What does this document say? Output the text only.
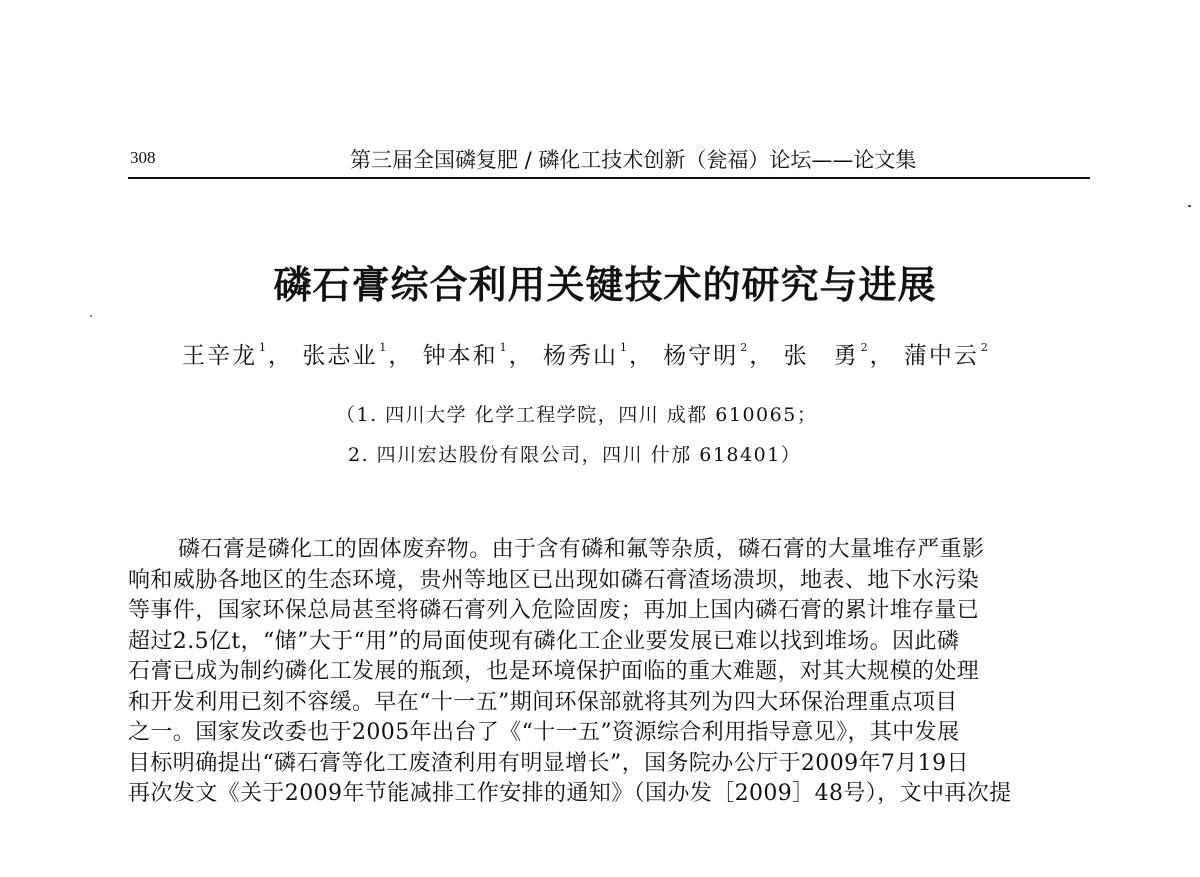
308	第三届全国磷复肥 / 磷化工技术创新（瓮福）论坛——论文集
磷石膏综合利用关键技术的研究与进展
王辛龙 $^1$， 张志业 $^1$， 钟本和 $^1$， 杨秀山 $^1$， 杨守明 $^2$， 张　勇 $^2$， 蒲中云 $^2$
（1. 四川大学 化学工程学院，四川 成都 610065；
2. 四川宏达股份有限公司，四川 什邡 618401）
磷石膏是磷化工的固体废弃物。由于含有磷和氟等杂质，磷石膏的大量堆存严重影
响和威胁各地区的生态环境，贵州等地区已出现如磷石膏渣场溃坝，地表、地下水污染
等事件，国家环保总局甚至将磷石膏列入危险固废；再加上国内磷石膏的累计堆存量已
超过2.5亿t，“储”大于“用”的局面使现有磷化工企业要发展已难以找到堆场。因此磷
石膏已成为制约磷化工发展的瓶颈，也是环境保护面临的重大难题，对其大规模的处理
和开发利用已刻不容缓。早在“十一五”期间环保部就将其列为四大环保治理重点项目
之一。国家发改委也于2005年出台了《“十一五”资源综合利用指导意见》，其中发展
目标明确提出“磷石膏等化工废渣利用有明显增长”，国务院办公厅于2009年7月19日
再次发文《关于2009年节能减排工作安排的通知》（国办发［2009］48号），文中再次提
